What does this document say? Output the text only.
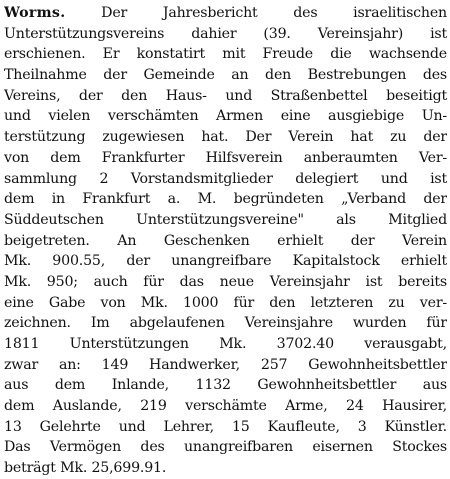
Worms.	Der Jahresbericht des israelitischen
Unterstützungsvereins dahier (39. Vereinsjahr) ist
erschienen. Er konstatirt mit Freude die wachsende
Theilnahme der Gemeinde an den Bestrebungen des
Vereins, der den Haus- und Straßenbettel beseitigt
und vielen verschämten Armen eine ausgiebige Un-
terstützung zugewiesen hat. Der Verein hat zu der
von dem Frankfurter Hilfsverein anberaumten Ver-
sammlung 2 Vorstandsmitglieder delegiert und ist
dem in Frankfurt a. M. begründeten „Verband der
Süddeutschen Unterstützungsvereine" als Mitglied
beigetreten. An Geschenken erhielt der Verein
Mk. 900.55, der unangreifbare Kapitalstock erhielt
Mk. 950; auch für das neue Vereinsjahr ist bereits
eine Gabe von Mk. 1000 für den letzteren zu ver-
zeichnen. Im abgelaufenen Vereinsjahre wurden für
1811 Unterstützungen Mk. 3702.40 verausgabt,
zwar an: 149 Handwerker, 257 Gewohnheitsbettler
aus dem Inlande, 1132 Gewohnheitsbettler aus
dem Auslande, 219 verschämte Arme, 24 Hausirer,
13 Gelehrte und Lehrer, 15 Kaufleute, 3 Künstler.
Das Vermögen des unangreifbaren eisernen Stockes
beträgt Mk. 25,699.91.
